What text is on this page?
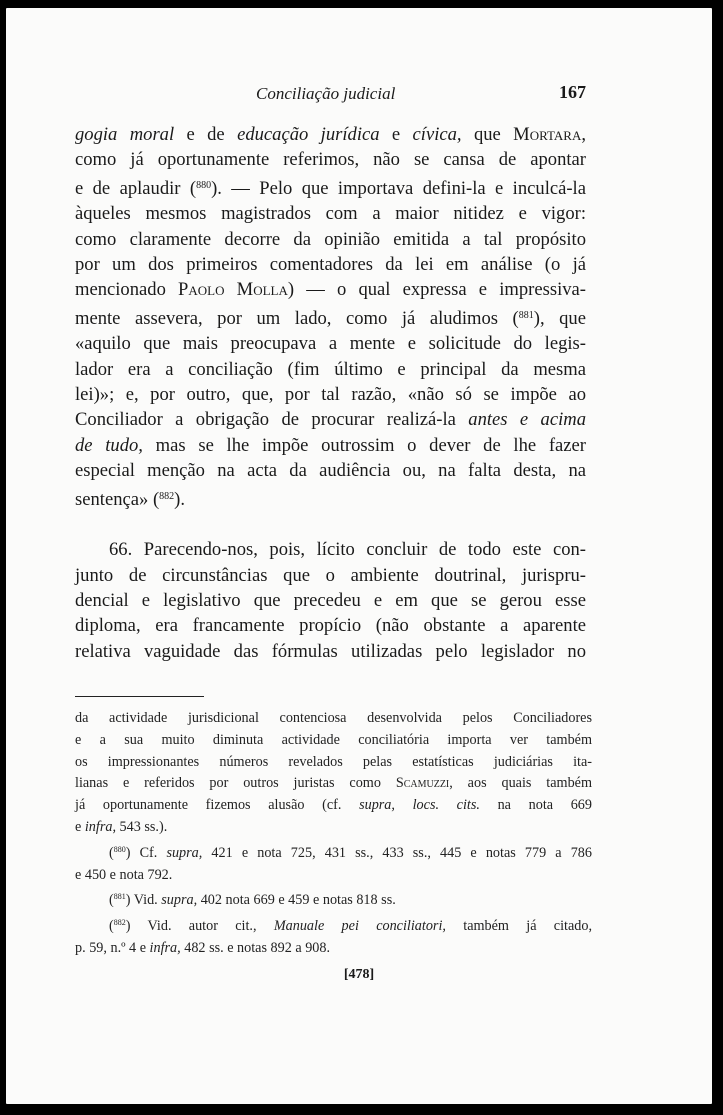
Conciliação judicial	167
gogia moral e de educação jurídica e cívica, que Mortara,
como já oportunamente referimos, não se cansa de apontar
e de aplaudir ($^{880}$). — Pelo que importava defini-la e inculcá-la
àqueles mesmos magistrados com a maior nitidez e vigor:
como claramente decorre da opinião emitida a tal propósito
por um dos primeiros comentadores da lei em análise (o já
mencionado Paolo Molla) — o qual expressa e impressiva-
mente assevera, por um lado, como já aludimos ($^{881}$), que
«aquilo que mais preocupava a mente e solicitude do legis-
lador era a conciliação (fim último e principal da mesma
lei)»; e, por outro, que, por tal razão, «não só se impõe ao
Conciliador a obrigação de procurar realizá-la antes e acima
de tudo, mas se lhe impõe outrossim o dever de lhe fazer
especial menção na acta da audiência ou, na falta desta, na
sentença» ($^{882}$).
66. Parecendo-nos, pois, lícito concluir de todo este con-
junto de circunstâncias que o ambiente doutrinal, jurispru-
dencial e legislativo que precedeu e em que se gerou esse
diploma, era francamente propício (não obstante a aparente
relativa vaguidade das fórmulas utilizadas pelo legislador no
da actividade jurisdicional contenciosa desenvolvida pelos Conciliadores
e a sua muito diminuta actividade conciliatória importa ver também
os impressionantes números revelados pelas estatísticas judiciárias ita-
lianas e referidos por outros juristas como Scamuzzi, aos quais também
já oportunamente fizemos alusão (cf. supra, locs. cits. na nota 669
e infra, 543 ss.).
($^{880}$) Cf. supra, 421 e nota 725, 431 ss., 433 ss., 445 e notas 779 a 786
e 450 e nota 792.
($^{881}$) Vid. supra, 402 nota 669 e 459 e notas 818 ss.
($^{882}$) Vid. autor cit., Manuale pei conciliatori, também já citado,
p. 59, n.º 4 e infra, 482 ss. e notas 892 a 908.
[478]
